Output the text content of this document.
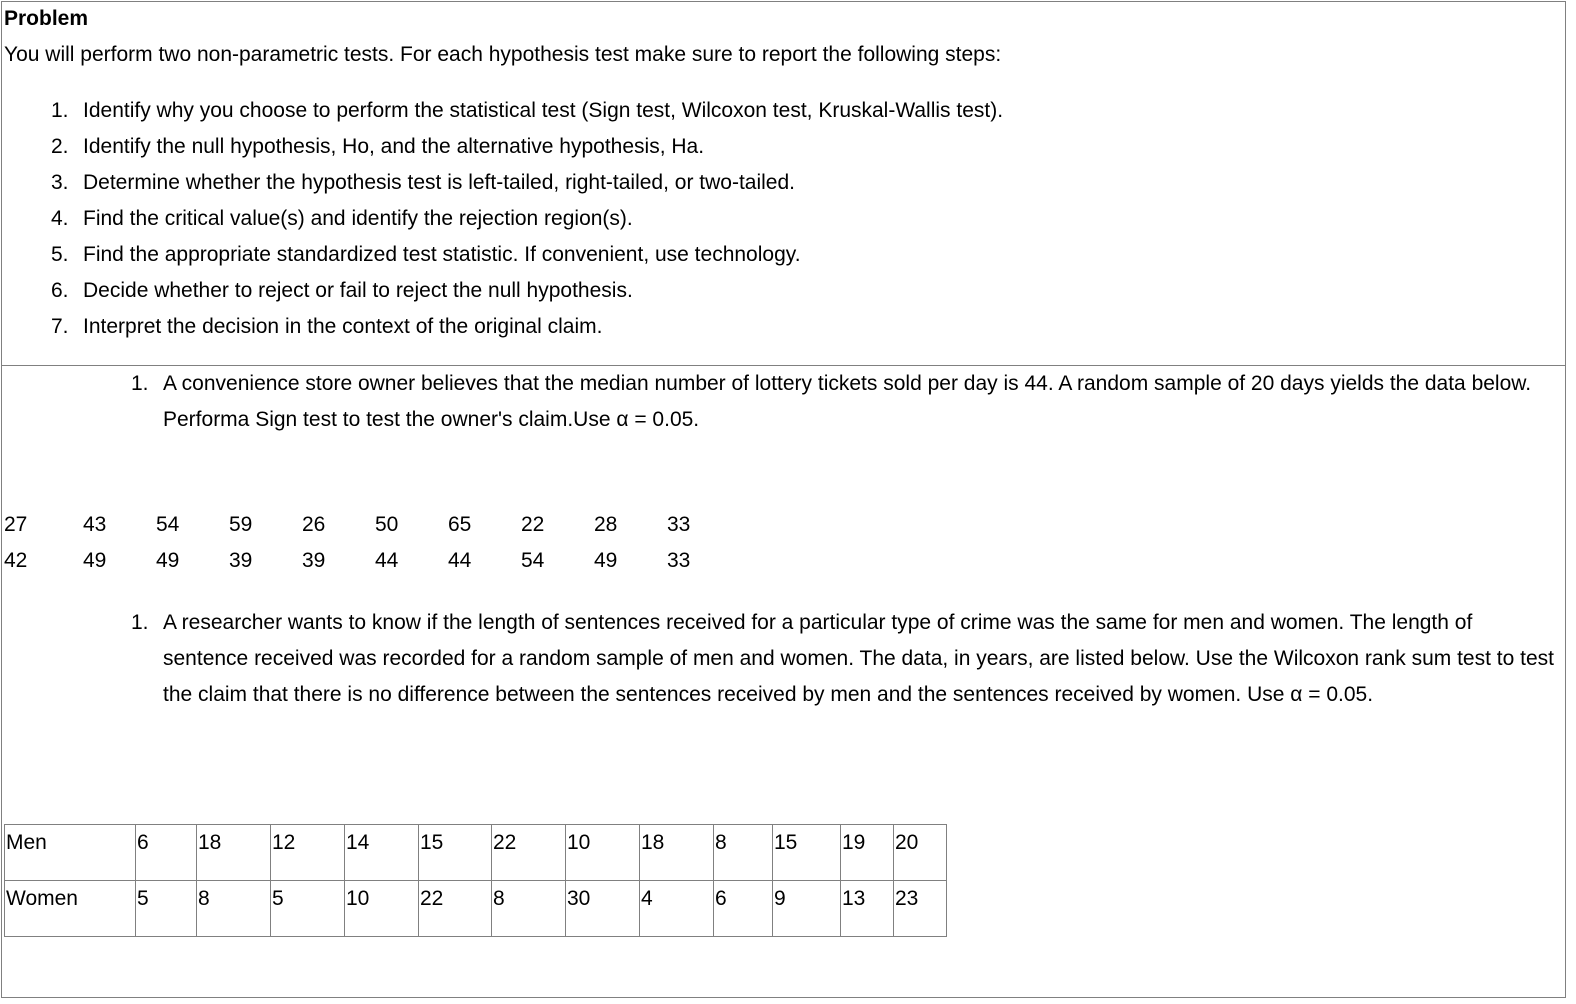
Problem
You will perform two non-parametric tests. For each hypothesis test make sure to report the following steps:
1. Identify why you choose to perform the statistical test (Sign test, Wilcoxon test, Kruskal-Wallis test).
2. Identify the null hypothesis, Ho, and the alternative hypothesis, Ha.
3. Determine whether the hypothesis test is left-tailed, right-tailed, or two-tailed.
4. Find the critical value(s) and identify the rejection region(s).
5. Find the appropriate standardized test statistic. If convenient, use technology.
6. Decide whether to reject or fail to reject the null hypothesis.
7. Interpret the decision in the context of the original claim.
1. A convenience store owner believes that the median number of lottery tickets sold per day is 44. A random sample of 20 days yields the data below. Performa Sign test to test the owner's claim.Use α = 0.05.
27	43 54 59 26 50 65 22 28 33
42	49 49 39 39 44 44 54 49 33
1. A researcher wants to know if the length of sentences received for a particular type of crime was the same for men and women. The length of sentence received was recorded for a random sample of men and women. The data, in years, are listed below. Use the Wilcoxon rank sum test to test the claim that there is no difference between the sentences received by men and the sentences received by women. Use α = 0.05.
Men	6	18	12	14	15	22	10	18	8	15	19	20
Women	5	8	5	10	22	8	30	4	6	9	13	23
